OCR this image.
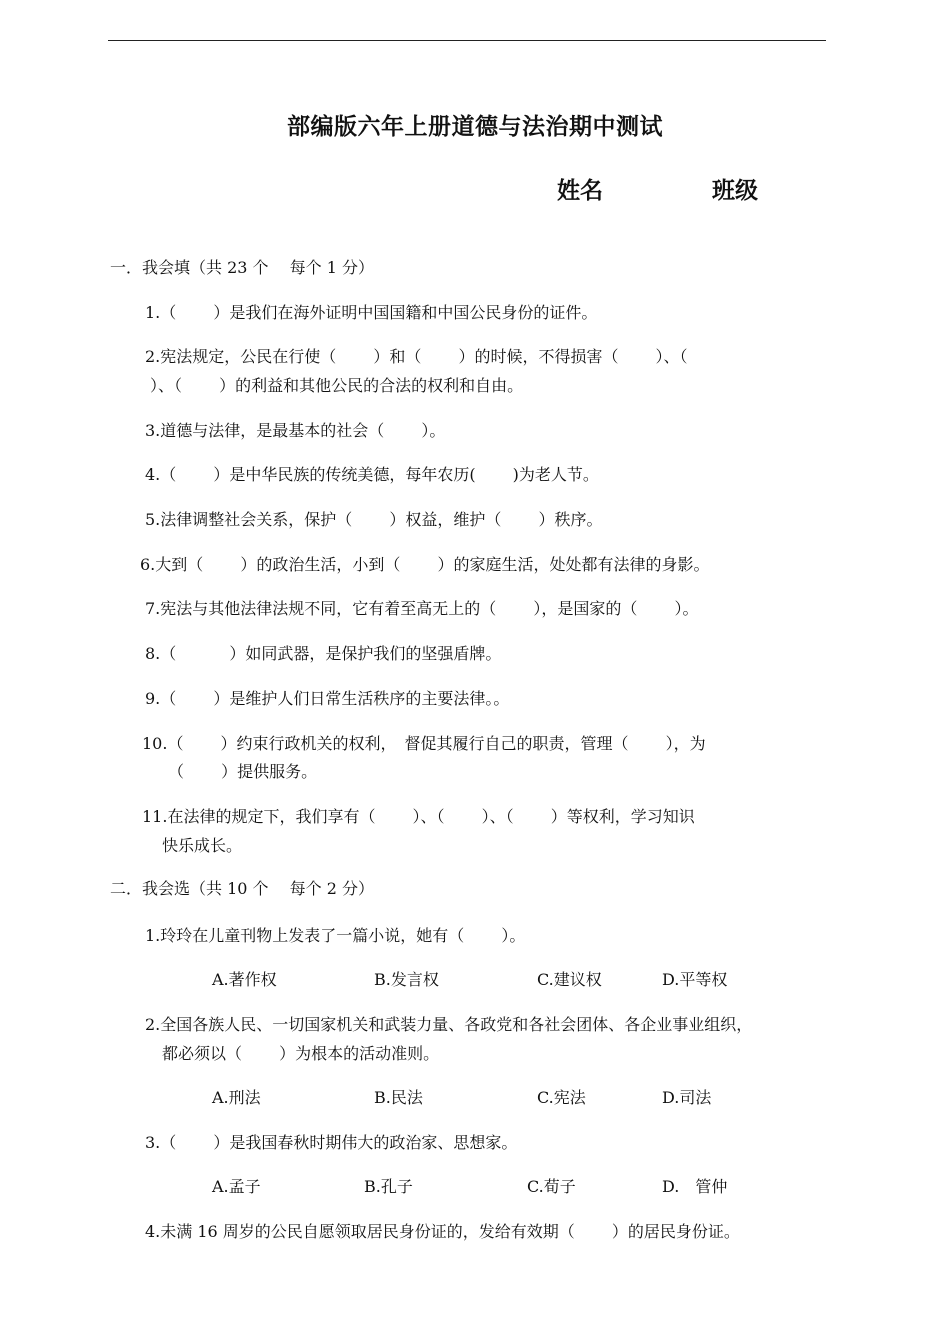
部编版六年上册道德与法治期中测试
姓名	班级
一．我会填（共 23 个　 每个 1 分）
1.（　　 ）是我们在海外证明中国国籍和中国公民身份的证件。
2.宪法规定，公民在行使（　　 ）和（　　 ）的时候，不得损害（　　 ）、（
）、（　　 ）的利益和其他公民的合法的权利和自由。
3.道德与法律，是最基本的社会（　　 ）。
4.（　　 ）是中华民族的传统美德，每年农历(　　 )为老人节。
5.法律调整社会关系，保护（　　 ）权益，维护（　　 ）秩序。
6.大到（　　 ）的政治生活，小到（　　 ）的家庭生活，处处都有法律的身影。
7.宪法与其他法律法规不同，它有着至高无上的（　　 ），是国家的（　　 ）。
8.（　　　 ）如同武器，是保护我们的坚强盾牌。
9.（　　 ）是维护人们日常生活秩序的主要法律。。
10.（　　 ）约束行政机关的权利，　督促其履行自己的职责，管理（　　 ），为
（　　 ）提供服务。
11.在法律的规定下，我们享有（　　 ）、（　　 ）、（　　 ）等权利，学习知识
快乐成长。
二．我会选（共 10 个　 每个 2 分）
1.玲玲在儿童刊物上发表了一篇小说，她有（　　 ）。
A.著作权	B.发言权	C.建议权	D.平等权
2.全国各族人民、一切国家机关和武装力量、各政党和各社会团体、各企业事业组织，
都必须以（　　 ）为根本的活动准则。
A.刑法	B.民法	C.宪法	D.司法
3.（　　 ）是我国春秋时期伟大的政治家、思想家。
A.孟子	B.孔子	C.荀子	D.　管仲
4.未满 16 周岁的公民自愿领取居民身份证的，发给有效期（　　 ）的居民身份证。
